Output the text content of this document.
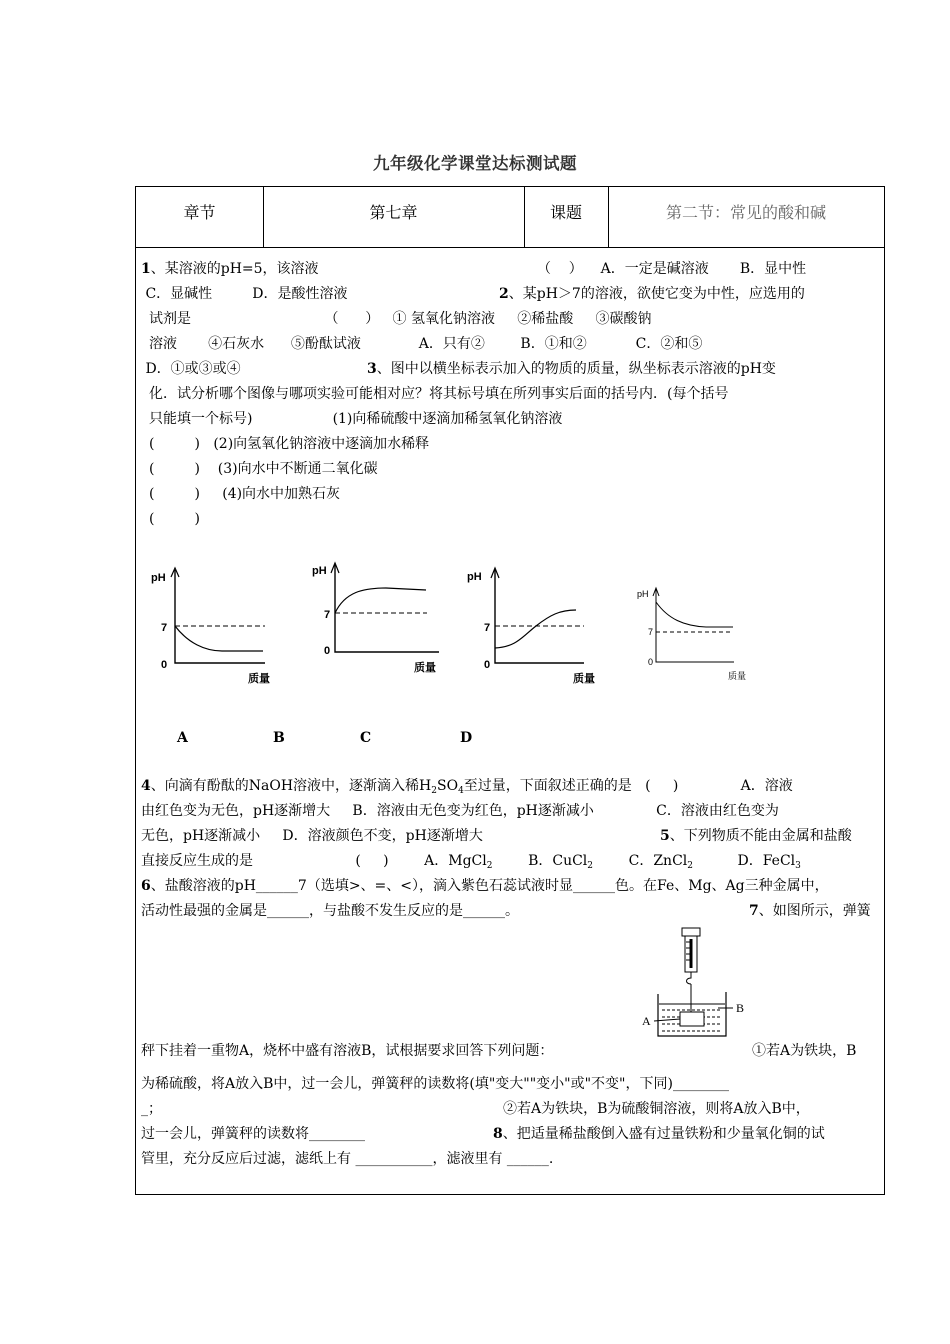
九年级化学课堂达标测试题
章节	第七章	课题	第二节：常见的酸和碱
1、某溶液的pH=5，该溶液	（    ）    A．一定是碱溶液       B．显中性
C．显碱性         D．是酸性溶液	2、某pH＞7的溶液，欲使它变为中性，应选用的
试剂是                              （      ）   ① 氢氧化钠溶液     ②稀盐酸     ③碳酸钠
溶液       ④石灰水      ⑤酚酞试液             A．只有②        B．①和②           C．②和⑤
D．①或③或④	3、图中以横坐标表示加入的物质的质量，纵坐标表示溶液的pH变
化．试分析哪个图像与哪项实验可能相对应？将其标号填在所列事实后面的括号内．(每个括号
只能填一个标号)                  (1)向稀硫酸中逐滴加稀氢氧化钠溶液
(         )   (2)向氢氧化钠溶液中逐滴加水稀释
(         )    (3)向水中不断通二氧化碳
(         )     (4)向水中加熟石灰
(         )
pH
7
0
质量
pH
7
0
质量
pH
7
0
质量
pH
7
0
质量
A	B	C	D
4、向滴有酚酞的NaOH溶液中，逐渐滴入稀$H_2SO_4$至过量，下面叙述正确的是   (     )              A．溶液
由红色变为无色，pH逐渐增大     B．溶液由无色变为红色，pH逐渐减小              C．溶液由红色变为
无色，pH逐渐减小     D．溶液颜色不变，pH逐渐增大	5、下列物质不能由金属和盐酸
直接反应生成的是                       (     )        A．MgCl$_2$        B．CuCl$_2$        C．ZnCl$_2$          D．FeCl$_3$
6、盐酸溶液的pH______7（选填>、=、<），滴入紫色石蕊试液时显______色。在Fe、Mg、Ag三种金属中，
活动性最强的金属是______，与盐酸不发生反应的是______。	7、如图所示，弹簧
A
B
秤下挂着一重物A，烧杯中盛有溶液B，试根据要求回答下列问题：	①若A为铁块，B
为稀硫酸，将A放入B中，过一会儿，弹簧秤的读数将(填"变大""变小"或"不变"，下同)________
_；	②若A为铁块，B为硫酸铜溶液，则将A放入B中，
过一会儿，弹簧秤的读数将________	8、把适量稀盐酸倒入盛有过量铁粉和少量氧化铜的试
管里，充分反应后过滤，滤纸上有 ___________，滤液里有 ______.
